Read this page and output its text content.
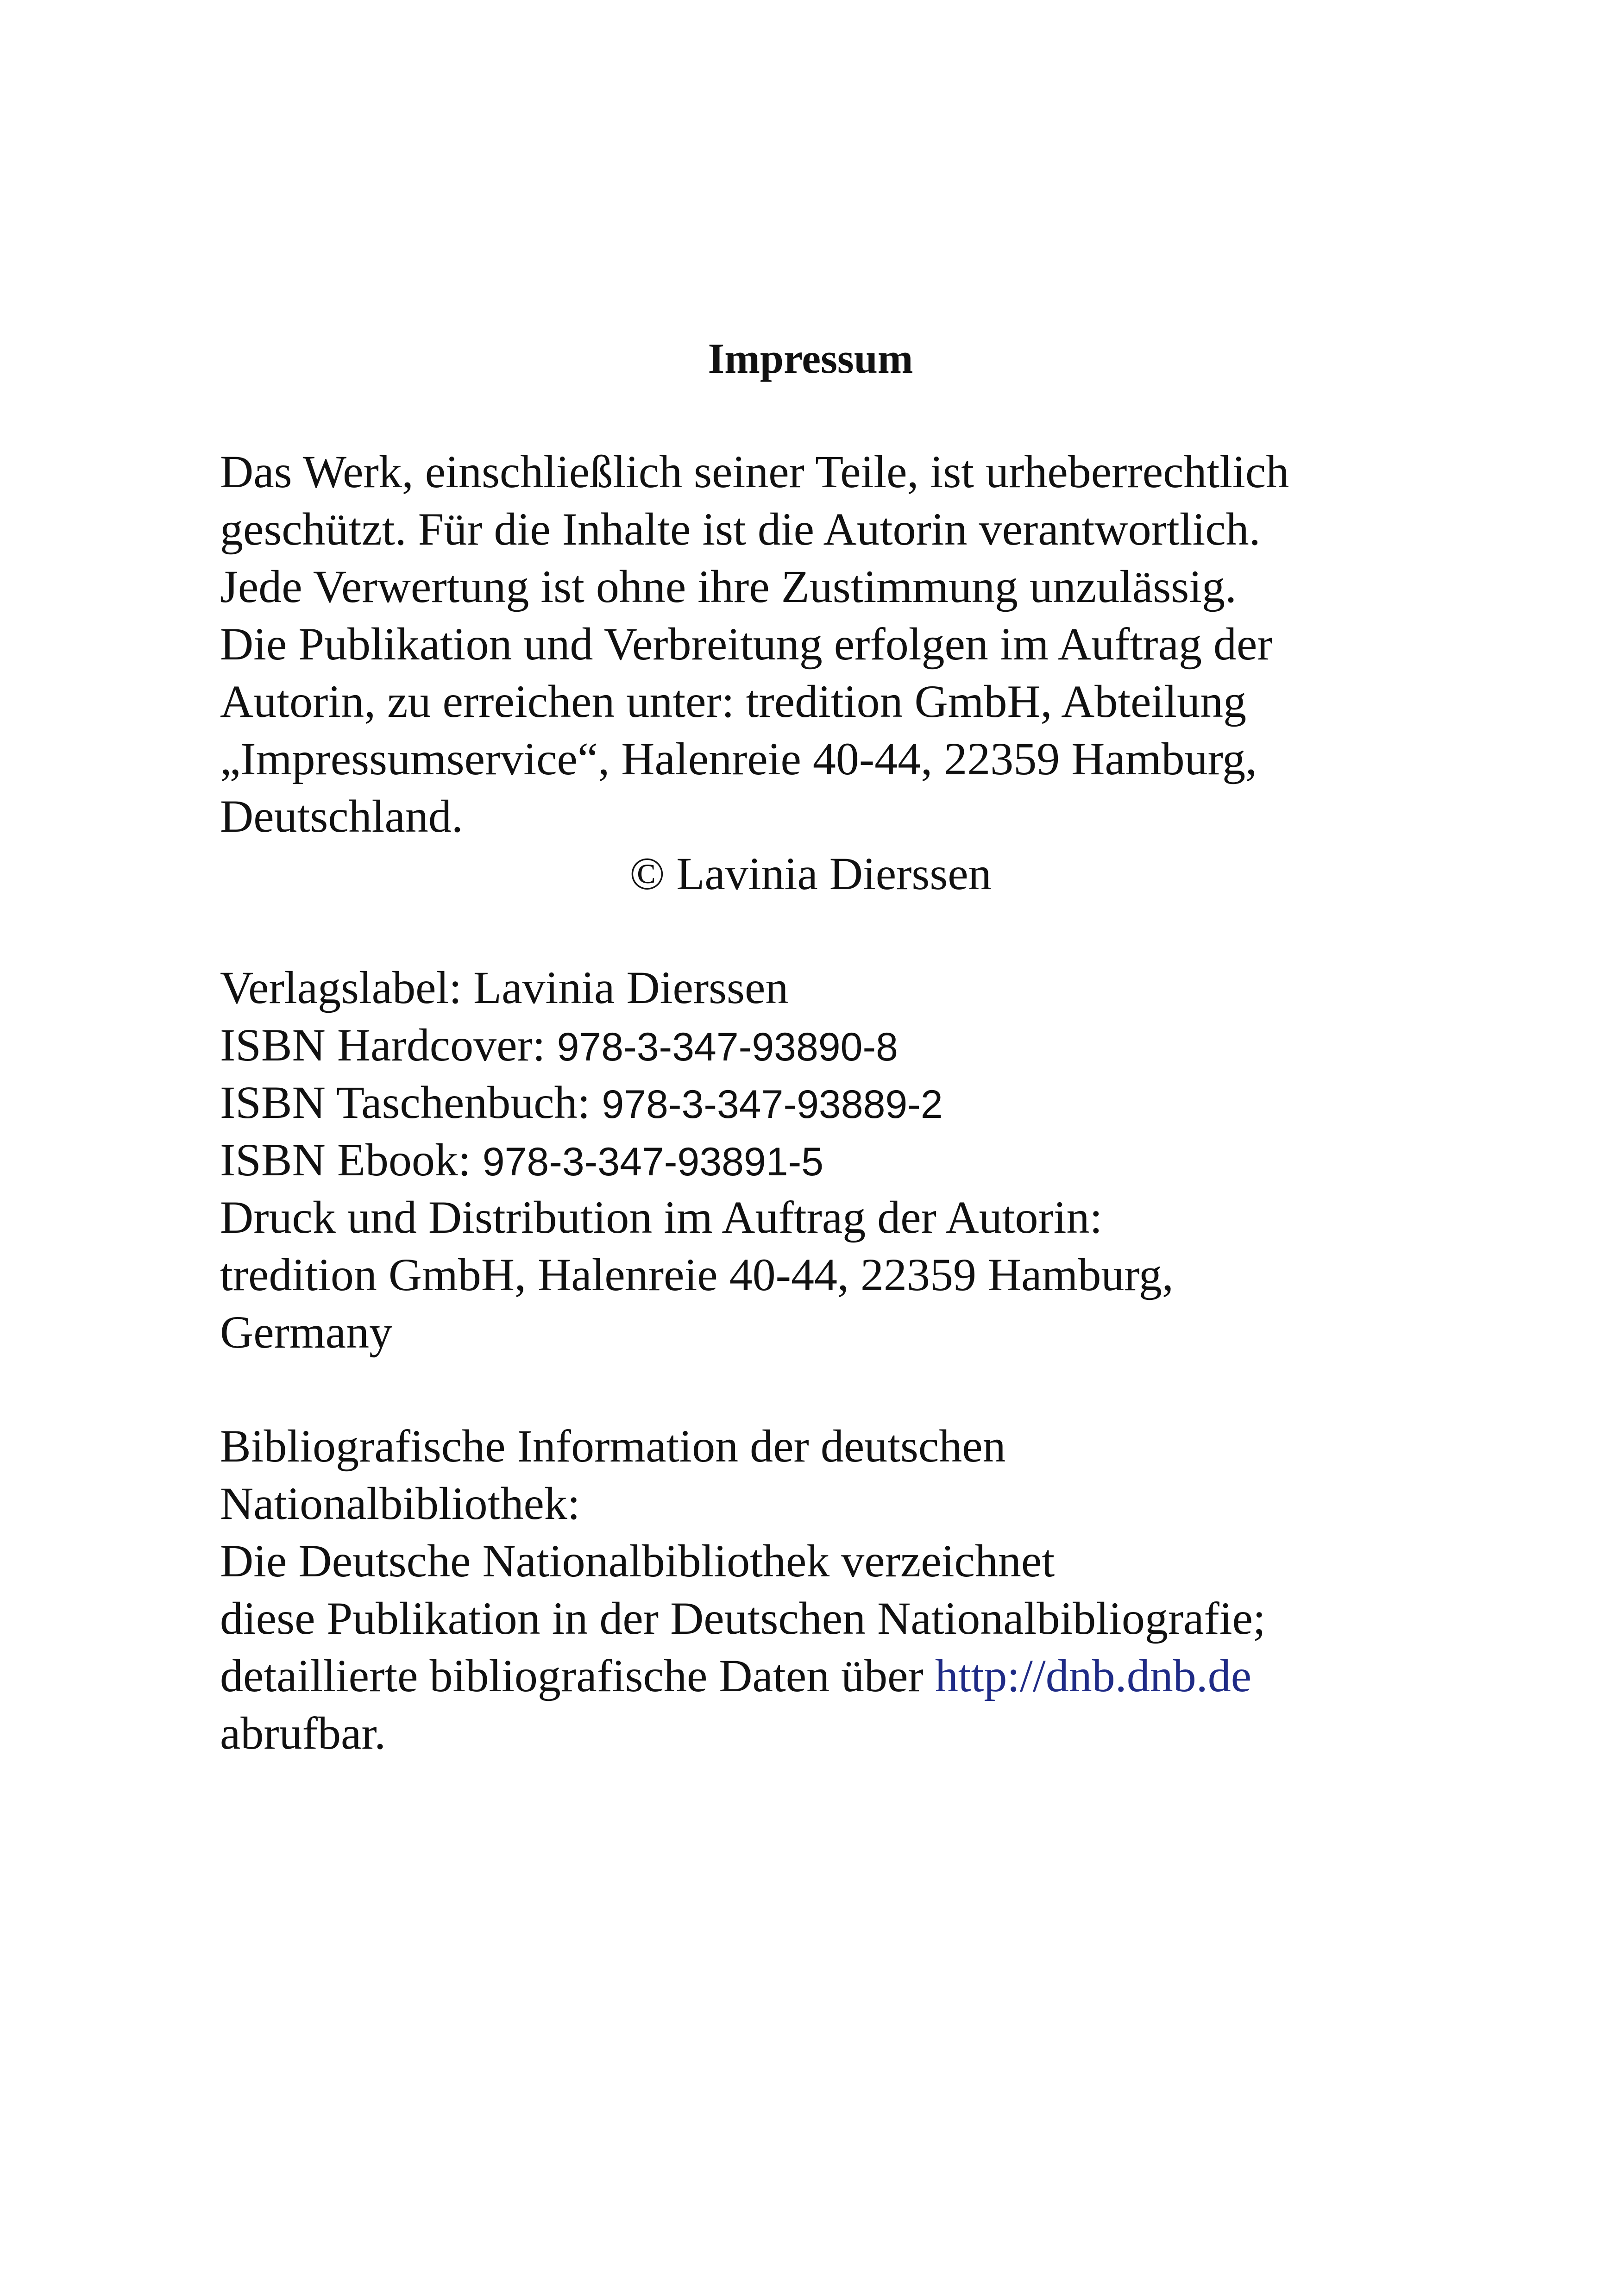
Impressum
Das Werk, einschließlich seiner Teile, ist urheberrechtlich
geschützt. Für die Inhalte ist die Autorin verantwortlich.
Jede Verwertung ist ohne ihre Zustimmung unzulässig.
Die Publikation und Verbreitung erfolgen im Auftrag der
Autorin, zu erreichen unter: tredition GmbH, Abteilung
„Impressumservice“, Halenreie 40-44, 22359 Hamburg,
Deutschland.
© Lavinia Dierssen
Verlagslabel: Lavinia Dierssen
ISBN Hardcover: 978-3-347-93890-8
ISBN Taschenbuch: 978-3-347-93889-2
ISBN Ebook: 978-3-347-93891-5
Druck und Distribution im Auftrag der Autorin:
tredition GmbH, Halenreie 40-44, 22359 Hamburg,
Germany
Bibliografische Information der deutschen
Nationalbibliothek:
Die Deutsche Nationalbibliothek verzeichnet
diese Publikation in der Deutschen Nationalbibliografie;
detaillierte bibliografische Daten über http://dnb.dnb.de
abrufbar.
